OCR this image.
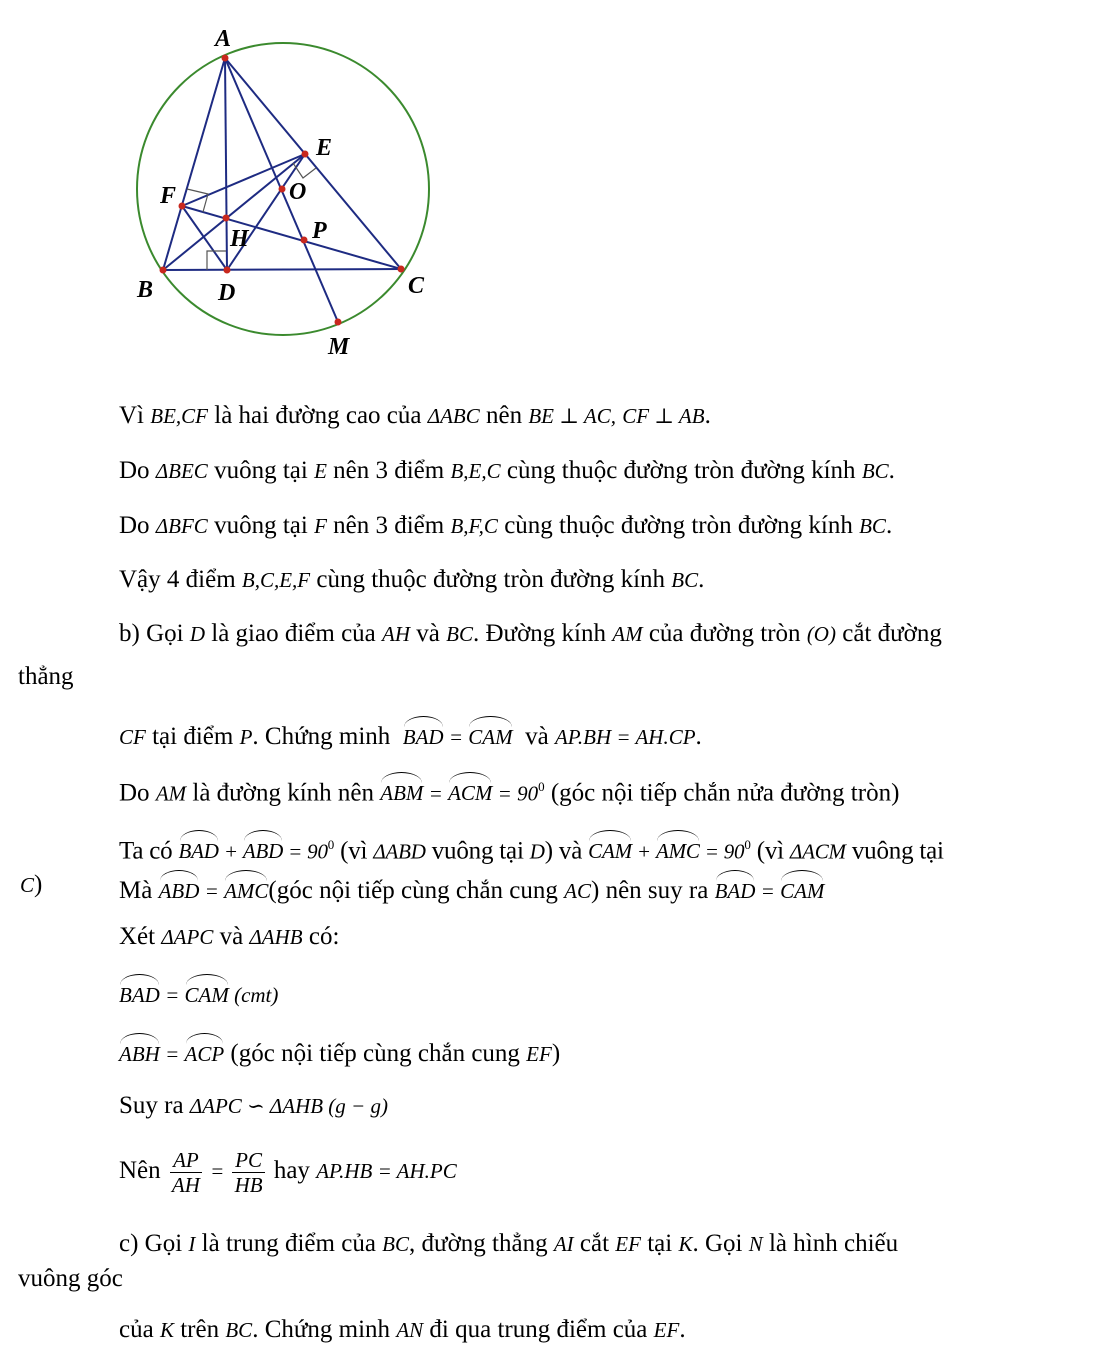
A
E
F	O
H	P
B	D	C
M
Vì BE,CF là hai đường cao của ΔABC nên BE ⊥ AC, CF ⊥ AB.
Do ΔBEC vuông tại E nên 3 điểm B,E,C cùng thuộc đường tròn đường kính BC.
Do ΔBFC vuông tại F nên 3 điểm B,F,C cùng thuộc đường tròn đường kính BC.
Vậy 4 điểm B,C,E,F cùng thuộc đường tròn đường kính BC.
b) Gọi D là giao điểm của AH và BC. Đường kính AM của đường tròn (O) cắt đường
thẳng
CF tại điểm P. Chứng minh  BAD = CAM  và AP.BH = AH.CP.
Do AM là đường kính nên ABM = ACM = $90^0$ (góc nội tiếp chắn nửa đường tròn)
Ta có BAD + ABD = $90^0$ (vì ΔABD vuông tại D) và CAM + AMC = $90^0$ (vì ΔACM vuông tại
C)	Mà ABD = AMC(góc nội tiếp cùng chắn cung AC) nên suy ra BAD = CAM
Xét ΔAPC và ΔAHB có:
BAD = CAM (cmt)
ABH = ACP (góc nội tiếp cùng chắn cung EF)
Suy ra ΔAPC ∽ ΔAHB (g − g)
Nên $\frac{AP}{AH} = \frac{PC}{HB}$ hay AP.HB = AH.PC
c) Gọi I là trung điểm của BC, đường thẳng AI cắt EF tại K. Gọi N là hình chiếu
vuông góc
của K trên BC. Chứng minh AN đi qua trung điểm của EF.
